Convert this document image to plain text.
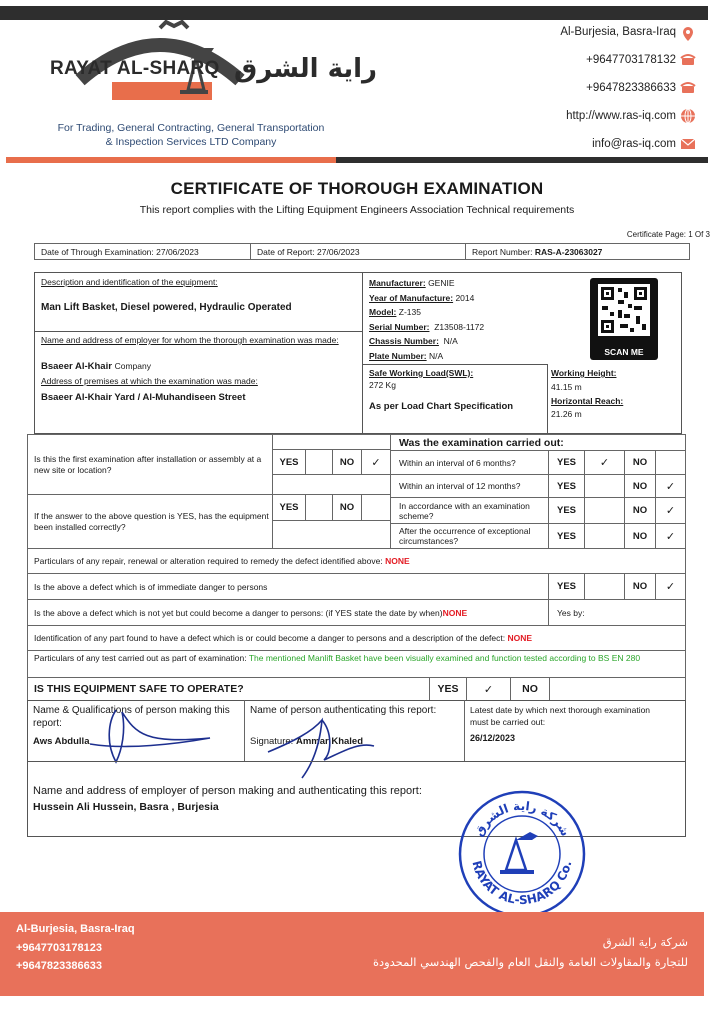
RAYAT AL-SHARQ راية الشرق
For Trading, General Contracting, General Transportation
& Inspection Services LTD Company
Al-Burjesia, Basra-Iraq
+9647703178132
+9647823386633
http://www.ras-iq.com
info@ras-iq.com
CERTIFICATE OF THOROUGH EXAMINATION
This report complies with the Lifting Equipment Engineers Association Technical requirements
Certificate Page: 1 Of 3
Date of Through Examination: 27/06/2023	Date of Report: 27/06/2023	Report Number:
RAS-A-23063027
Description and identification of the equipment:
Man Lift Basket, Diesel powered, Hydraulic Operated
Name and address of employer for whom the thorough examination was made:
Bsaeer Al-Khair Company
Address of premises at which the examination was made:
Bsaeer Al-Khair Yard / Al-Muhandiseen Street
Manufacturer: GENIE
Year of Manufacture: 2014
Model: Z-135
Serial Number: Z13508-1172
Chassis Number: N/A
Plate Number: N/A
Safe Working Load(SWL):
272 Kg
As per Load Chart Specification
Working Height:
41.15 m
Horizontal Reach:
21.26 m
SCAN ME
Is this the first examination after installation or assembly at a new site or location?
YES	NO	✓
If the answer to the above question is YES, has the equipment been installed correctly?
YES	NO
Was the examination carried out:
Within an interval of 6 months?	YES	✓	NO
Within an interval of 12 months?	YES	NO	✓
In accordance with an examination scheme?	YES	NO	✓
After the occurrence of exceptional circumstances?	YES	NO	✓
Particulars of any repair, renewal or alteration required to remedy the defect identified above:
NONE
Is the above a defect which is of immediate danger to persons	YES	NO	✓
Is the above a defect which is not yet but could become a danger to persons: (if YES state the date by when) NONE	Yes by:
Identification of any part found to have a defect which is or could become a danger to persons and a description of the defect:
NONE
Particulars of any test carried out as part of examination: The mentioned Manlift Basket have been visually examined and function tested according to BS EN 280
IS THIS EQUIPMENT SAFE TO OPERATE?	YES	✓	NO
Name & Qualifications of person making this report:
Aws Abdulla
Name of person authenticating this report:
Signature: Ammar Khaled
Latest date by which next thorough examination must be carried out:
26/12/2023
Name and address of employer of person making and authenticating this report:
Hussein Ali Hussein, Basra , Burjesia
RAYAT AL-SHARQ Co.
شركة راية الشرق
Al-Burjesia, Basra-Iraq
+9647703178123
+9647823386633
شركة راية الشرق
للتجارة والمقاولات العامة والنقل العام والفحص الهندسي المحدودة
